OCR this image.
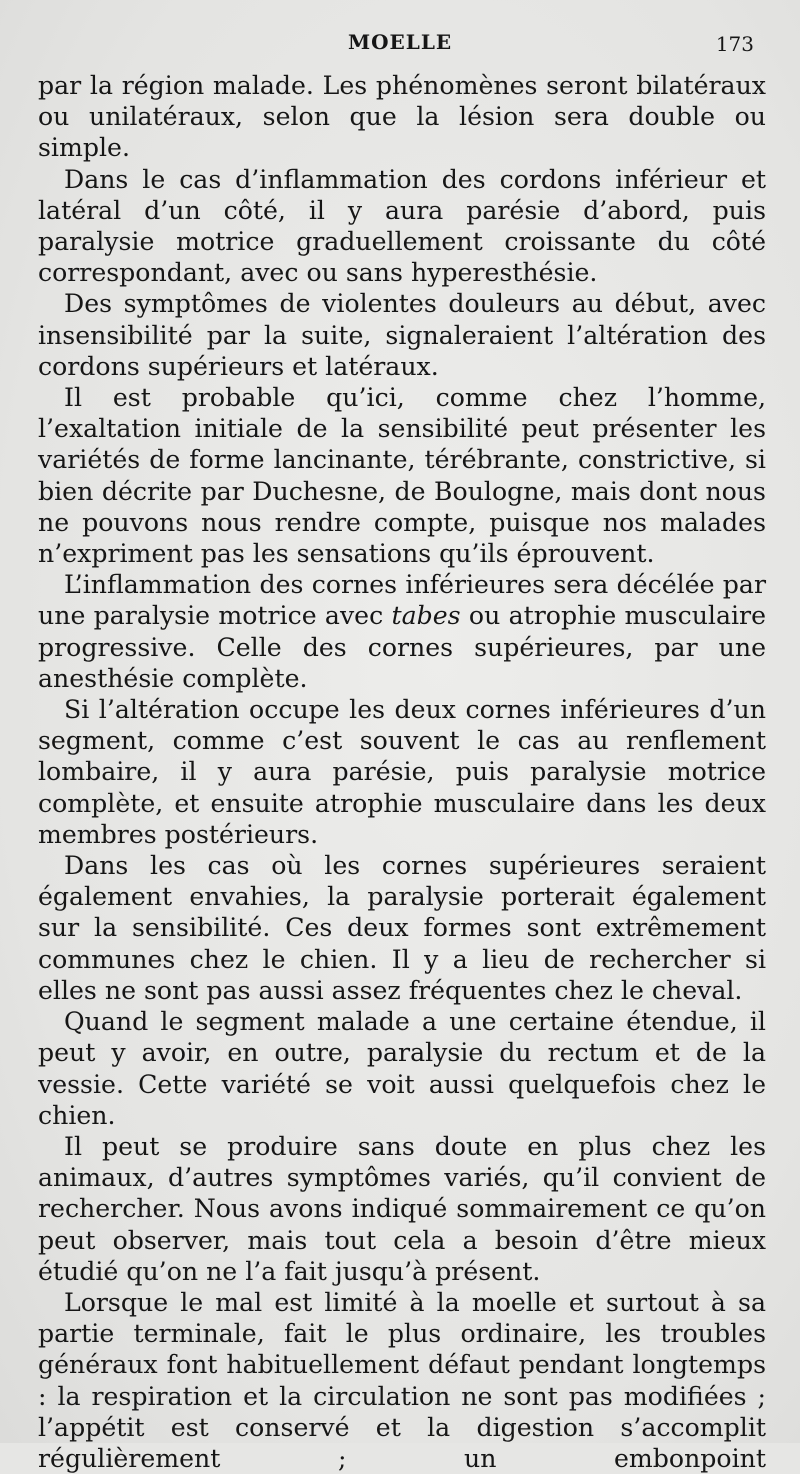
MOELLE	173

par la région malade. Les phénomènes seront bilatéraux ou unilatéraux, selon que la lésion sera double ou simple.

Dans le cas d’inflammation des cordons inférieur et latéral d’un côté, il y aura parésie d’abord, puis paralysie motrice graduellement croissante du côté correspondant, avec ou sans hyperesthésie.

Des symptômes de violentes douleurs au début, avec insensibilité par la suite, signaleraient l’altération des cordons supérieurs et latéraux.

Il est probable qu’ici, comme chez l’homme, l’exaltation initiale de la sensibilité peut présenter les variétés de forme lancinante, térébrante, constrictive, si bien décrite par Duchesne, de Boulogne, mais dont nous ne pouvons nous rendre compte, puisque nos malades n’expriment pas les sensations qu’ils éprouvent.

L’inflammation des cornes inférieures sera décélée par une paralysie motrice avec tabes ou atrophie musculaire progressive. Celle des cornes supérieures, par une anesthésie complète.

Si l’altération occupe les deux cornes inférieures d’un segment, comme c’est souvent le cas au renflement lombaire, il y aura parésie, puis paralysie motrice complète, et ensuite atrophie musculaire dans les deux membres postérieurs.

Dans les cas où les cornes supérieures seraient également envahies, la paralysie porterait également sur la sensibilité. Ces deux formes sont extrêmement communes chez le chien. Il y a lieu de rechercher si elles ne sont pas aussi assez fréquentes chez le cheval.

Quand le segment malade a une certaine étendue, il peut y avoir, en outre, paralysie du rectum et de la vessie. Cette variété se voit aussi quelquefois chez le chien.

Il peut se produire sans doute en plus chez les animaux, d’autres symptômes variés, qu’il convient de rechercher. Nous avons indiqué sommairement ce qu’on peut observer, mais tout cela a besoin d’être mieux étudié qu’on ne l’a fait jusqu’à présent.

Lorsque le mal est limité à la moelle et surtout à sa partie terminale, fait le plus ordinaire, les troubles généraux font habituellement défaut pendant longtemps : la respiration et la circulation ne sont pas modifiées ; l’appétit est conservé et la digestion s’accomplit régulièrement ; un embonpoint
